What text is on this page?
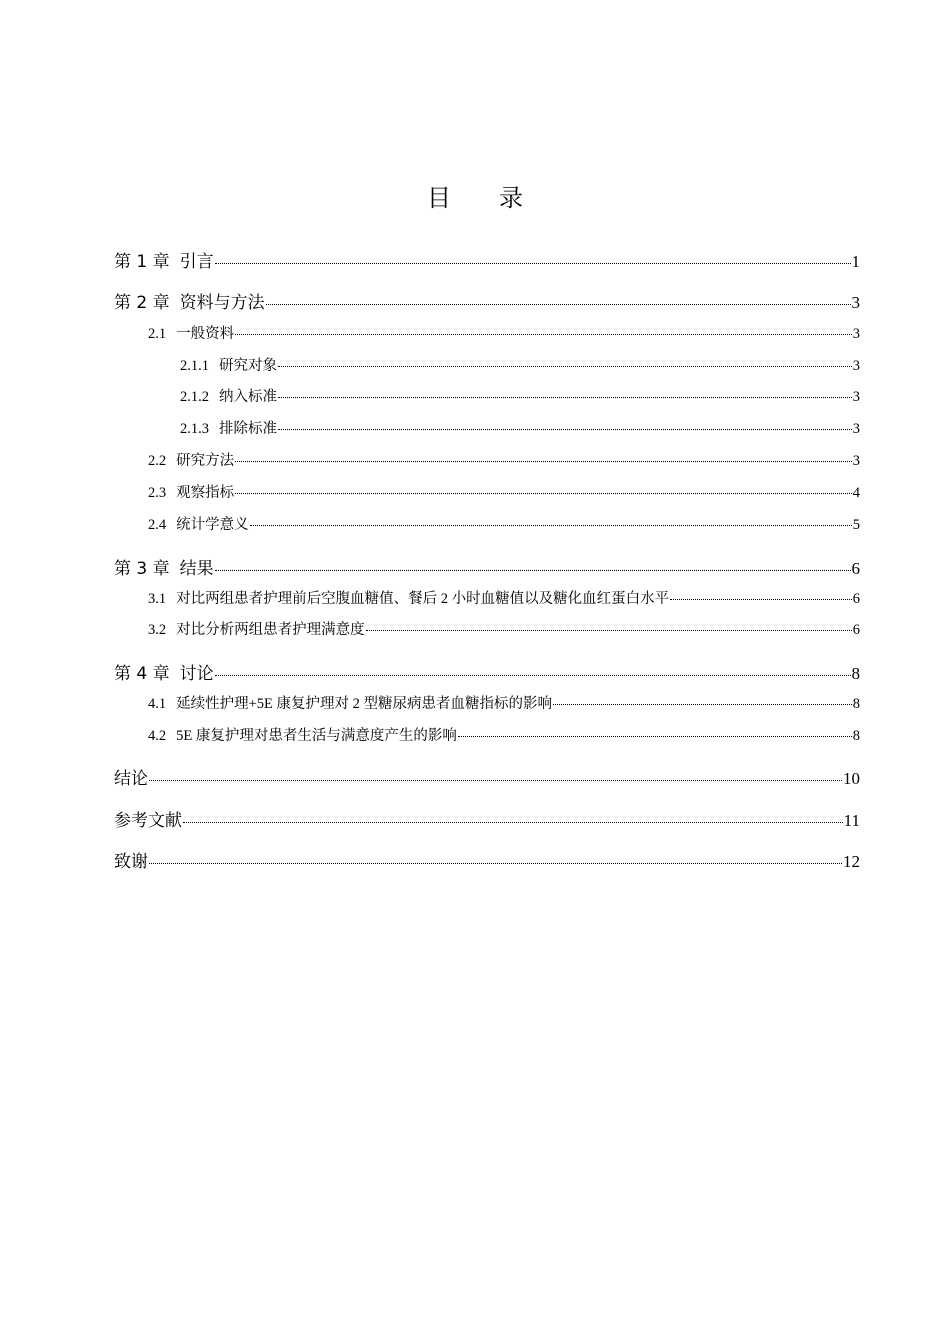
目 录
第 1 章 引言	1
第 2 章 资料与方法	3
2.1 一般资料	3
2.1.1 研究对象	3
2.1.2 纳入标准	3
2.1.3 排除标准	3
2.2 研究方法	3
2.3 观察指标	4
2.4 统计学意义	5
第 3 章 结果	6
3.1 对比两组患者护理前后空腹血糖值、餐后 2 小时血糖值以及糖化血红蛋白水平	6
3.2 对比分析两组患者护理满意度	6
第 4 章 讨论	8
4.1 延续性护理+5E 康复护理对 2 型糖尿病患者血糖指标的影响	8
4.2 5E 康复护理对患者生活与满意度产生的影响	8
结论	10
参考文献	11
致谢	12
